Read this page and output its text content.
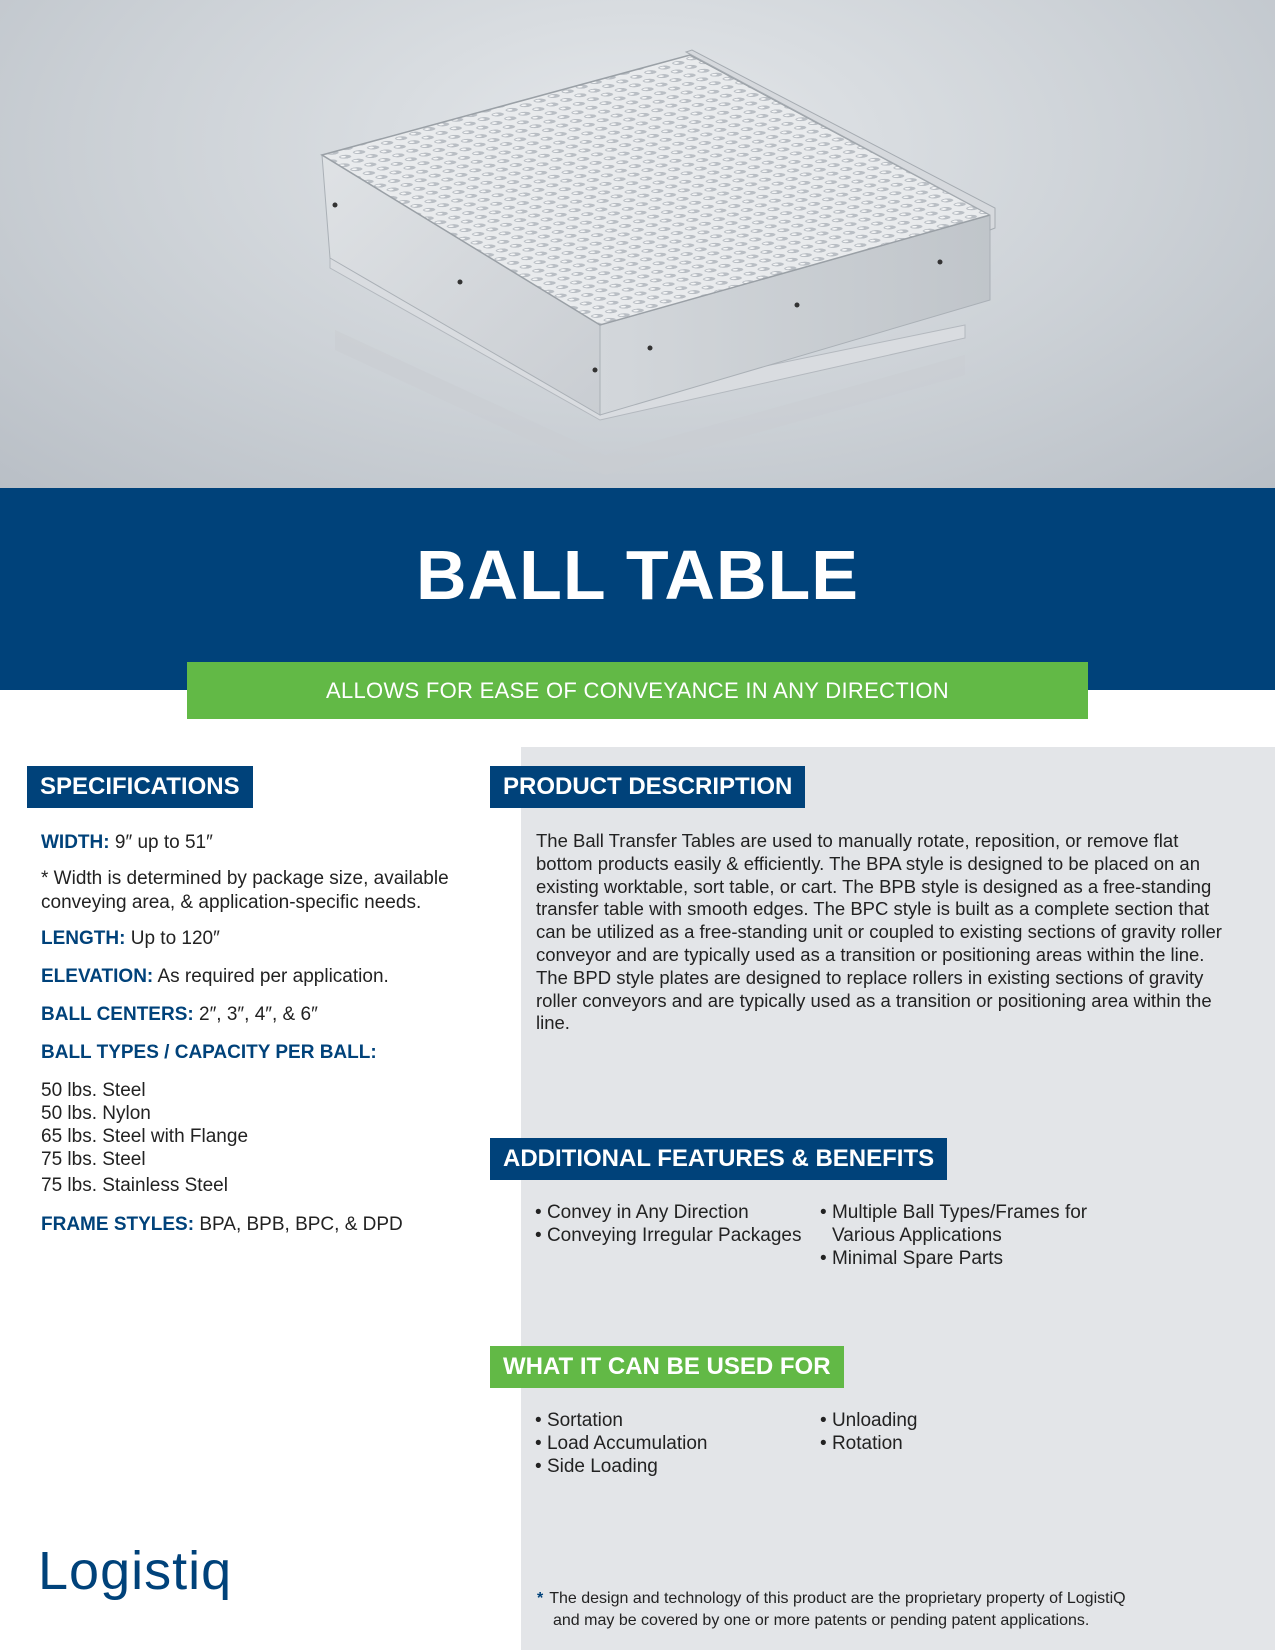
BALL TABLE
ALLOWS FOR EASE OF CONVEYANCE IN ANY DIRECTION
SPECIFICATIONS
WIDTH: 9″ up to 51″
* Width is determined by package size, available
conveying area, & application-specific needs.
LENGTH: Up to 120″
ELEVATION: As required per application.
BALL CENTERS: 2″, 3″, 4″, & 6″
BALL TYPES / CAPACITY PER BALL:
50 lbs. Steel
50 lbs. Nylon
65 lbs. Steel with Flange
75 lbs. Steel
75 lbs. Stainless Steel
FRAME STYLES: BPA, BPB, BPC, & DPD
PRODUCT DESCRIPTION
The Ball Transfer Tables are used to manually rotate, reposition, or remove flat bottom products easily & efficiently. The BPA style is designed to be placed on an existing worktable, sort table, or cart. The BPB style is designed as a free-standing transfer table with smooth edges. The BPC style is built as a complete section that can be utilized as a free-standing unit or coupled to existing sections of gravity roller conveyor and are typically used as a transition or positioning areas within the line. The BPD style plates are designed to replace rollers in existing sections of gravity roller conveyors and are typically used as a transition or positioning area within the line.
ADDITIONAL FEATURES & BENEFITS
• Convey in Any Direction
• Conveying Irregular Packages
• Multiple Ball Types/Frames for
Various Applications
• Minimal Spare Parts
WHAT IT CAN BE USED FOR
• Sortation
• Load Accumulation
• Side Loading
• Unloading
• Rotation
Logistiq	* The design and technology of this product are the proprietary property of LogistiQ
and may be covered by one or more patents or pending patent applications.
